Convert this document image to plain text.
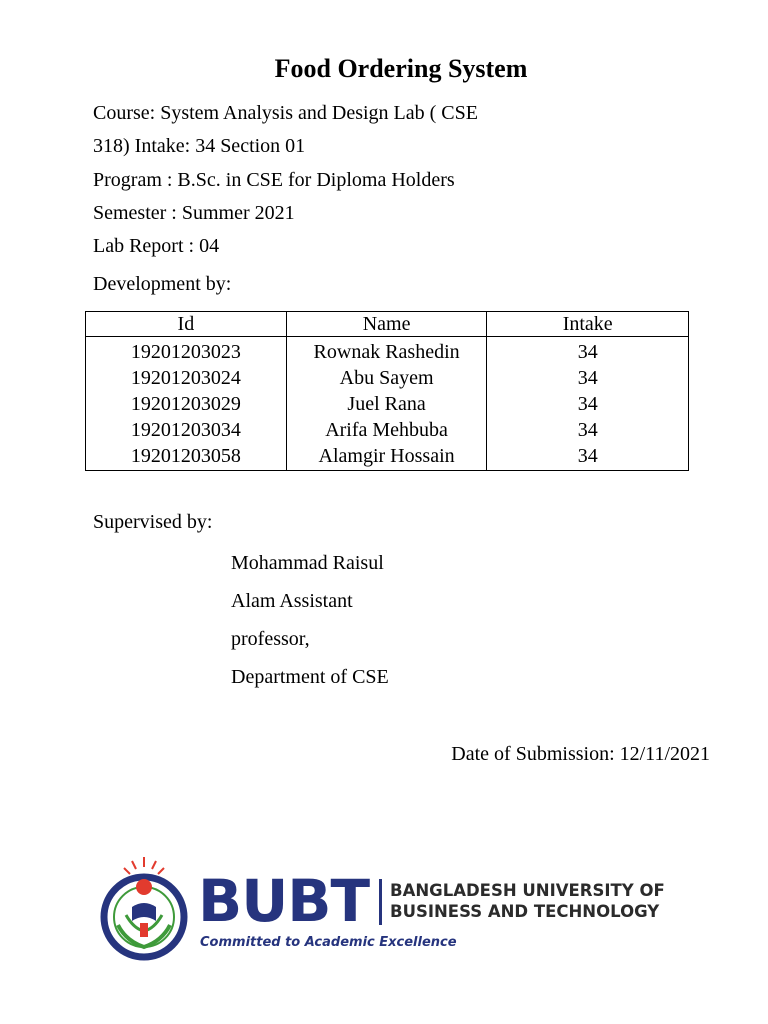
Food Ordering System
Course: System Analysis and Design Lab ( CSE
318) Intake: 34 Section 01
Program : B.Sc. in CSE for Diploma Holders
Semester : Summer 2021
Lab Report : 04
Development by:
Id	Name	Intake
19201203023	Rownak Rashedin	34
19201203024	Abu Sayem	34
19201203029	Juel Rana	34
19201203034	Arifa Mehbuba	34
19201203058	Alamgir Hossain	34
Supervised by:
Mohammad Raisul
Alam Assistant
professor,
Department of CSE
Date of Submission: 12/11/2021
BUBT BANGLADESH UNIVERSITY OF
BUSINESS AND TECHNOLOGY
Committed to Academic Excellence
